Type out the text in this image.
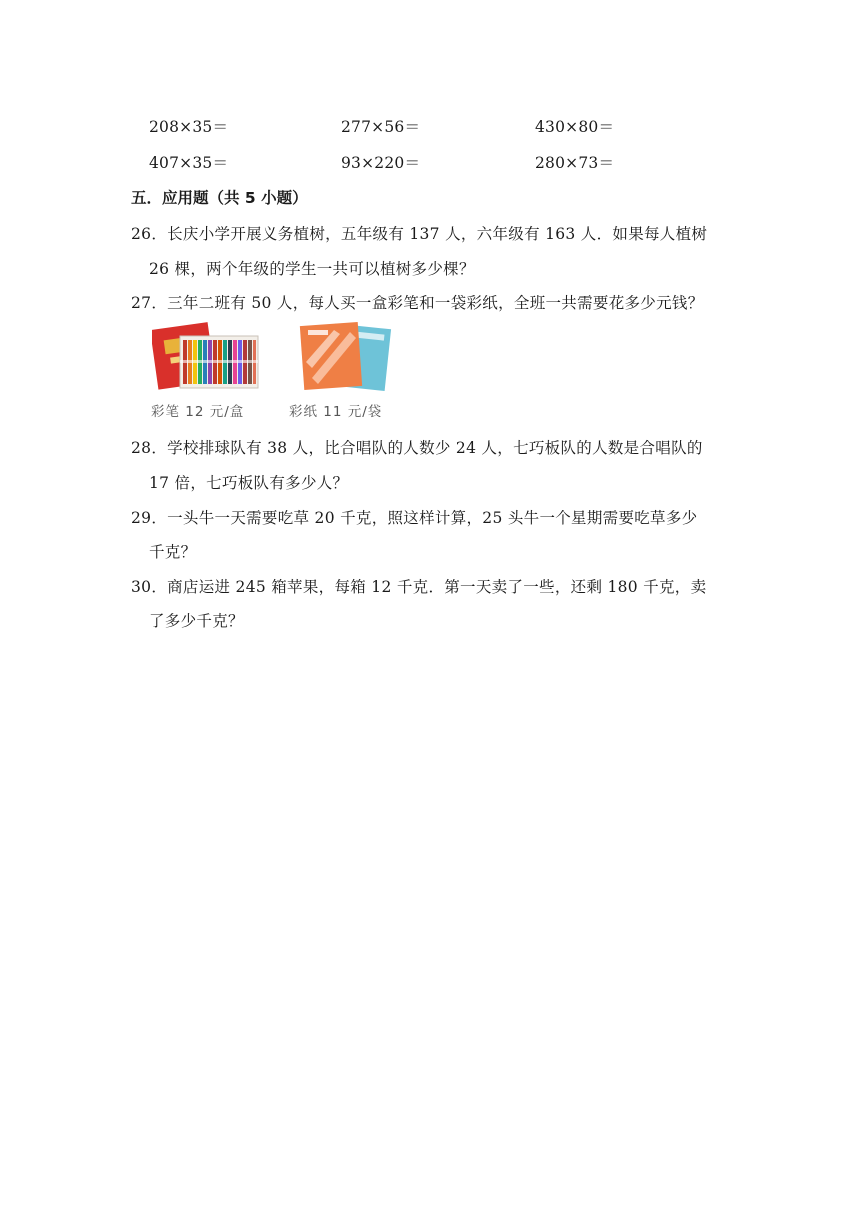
208×35＝	277×56＝	430×80＝
407×35＝	93×220＝	280×73＝
五．应用题（共 5 小题）
26．长庆小学开展义务植树，五年级有 137 人，六年级有 163 人．如果每人植树
26 棵，两个年级的学生一共可以植树多少棵？
27．三年二班有 50 人，每人买一盒彩笔和一袋彩纸，全班一共需要花多少元钱？
彩笔 12 元/盒	彩纸 11 元/袋
28．学校排球队有 38 人，比合唱队的人数少 24 人，七巧板队的人数是合唱队的
17 倍，七巧板队有多少人？
29．一头牛一天需要吃草 20 千克，照这样计算，25 头牛一个星期需要吃草多少
千克？
30．商店运进 245 箱苹果，每箱 12 千克．第一天卖了一些，还剩 180 千克，卖
了多少千克？
